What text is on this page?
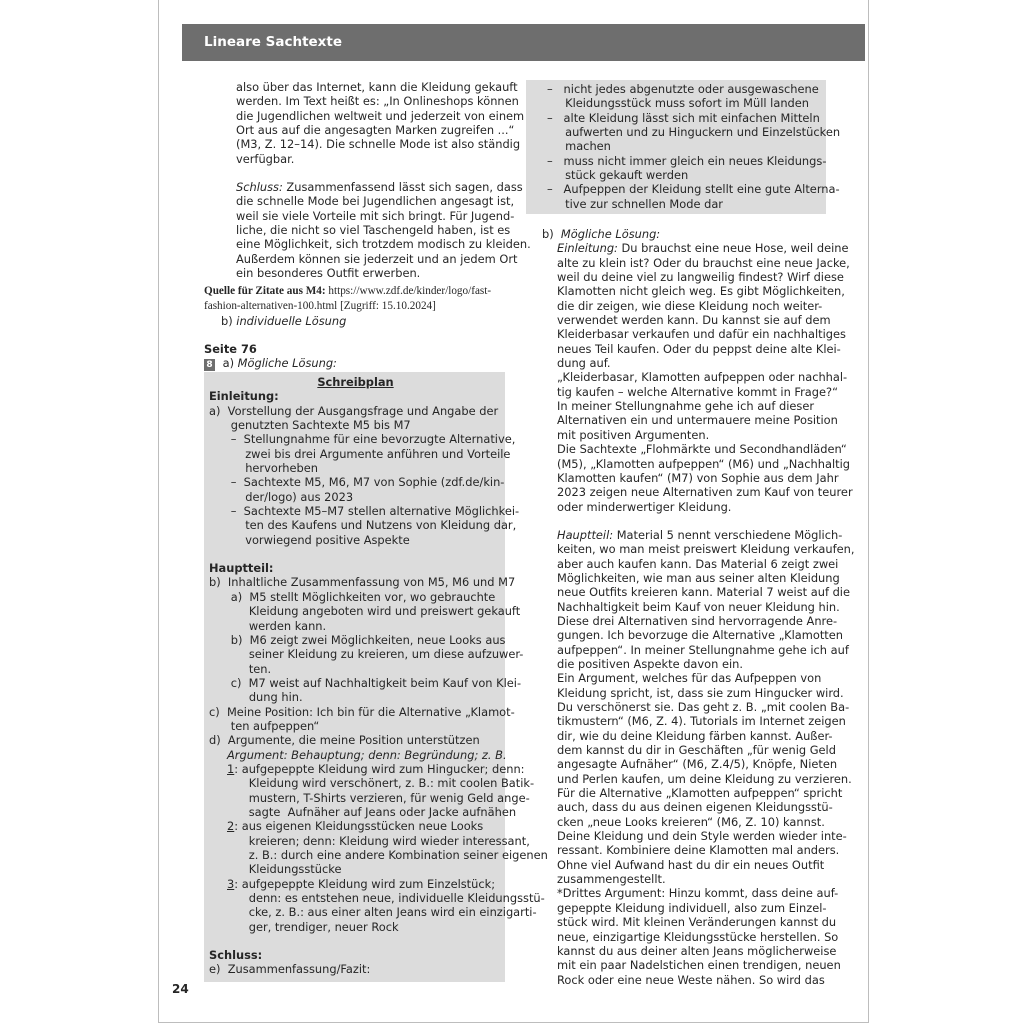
Lineare Sachtexte
also über das Internet, kann die Kleidung gekauft
werden. Im Text heißt es: „In Onlineshops können
die Jugendlichen weltweit und jederzeit von einem
Ort aus auf die angesagten Marken zugreifen ...“
(M3, Z. 12–14). Die schnelle Mode ist also ständig
verfügbar.
Schluss: Zusammenfassend lässt sich sagen, dass
die schnelle Mode bei Jugendlichen angesagt ist,
weil sie viele Vorteile mit sich bringt. Für Jugend-
liche, die nicht so viel Taschengeld haben, ist es
eine Möglichkeit, sich trotzdem modisch zu kleiden.
Außerdem können sie jederzeit und an jedem Ort
ein besonderes Outfit erwerben.
Quelle für Zitate aus M4: https://www.zdf.de/kinder/logo/fast-
fashion-alternativen-100.html [Zugriff: 15.10.2024]
b) individuelle Lösung
Seite 76
8 a) Mögliche Lösung:
Schreibplan
Einleitung:
a)  Vorstellung der Ausgangsfrage und Angabe der
genutzten Sachtexte M5 bis M7
–  Stellungnahme für eine bevorzugte Alternative,
zwei bis drei Argumente anführen und Vorteile
hervorheben
–  Sachtexte M5, M6, M7 von Sophie (zdf.de/kin-
der/logo) aus 2023
–  Sachtexte M5–M7 stellen alternative Möglichkei-
ten des Kaufens und Nutzens von Kleidung dar,
vorwiegend positive Aspekte
Hauptteil:
b)  Inhaltliche Zusammenfassung von M5, M6 und M7
a)  M5 stellt Möglichkeiten vor, wo gebrauchte
Kleidung angeboten wird und preiswert gekauft
werden kann.
b)  M6 zeigt zwei Möglichkeiten, neue Looks aus
seiner Kleidung zu kreieren, um diese aufzuwer-
ten.
c)  M7 weist auf Nachhaltigkeit beim Kauf von Klei-
dung hin.
c)  Meine Position: Ich bin für die Alternative „Klamot-
ten aufpeppen“
d)  Argumente, die meine Position unterstützen
Argument: Behauptung; denn: Begründung; z. B.
1: aufgepeppte Kleidung wird zum Hingucker; denn:
Kleidung wird verschönert, z. B.: mit coolen Batik-
mustern, T-Shirts verzieren, für wenig Geld ange-
sagte  Aufnäher auf Jeans oder Jacke aufnähen
2: aus eigenen Kleidungsstücken neue Looks
kreieren; denn: Kleidung wird wieder interessant,
z. B.: durch eine andere Kombination seiner eigenen
Kleidungsstücke
3: aufgepeppte Kleidung wird zum Einzelstück;
denn: es entstehen neue, individuelle Kleidungsstü-
cke, z. B.: aus einer alten Jeans wird ein einzigarti-
ger, trendiger, neuer Rock
Schluss:
e)  Zusammenfassung/Fazit:
–   nicht jedes abgenutzte oder ausgewaschene
Kleidungsstück muss sofort im Müll landen
–   alte Kleidung lässt sich mit einfachen Mitteln
aufwerten und zu Hinguckern und Einzelstücken
machen
–   muss nicht immer gleich ein neues Kleidungs-
stück gekauft werden
–   Aufpeppen der Kleidung stellt eine gute Alterna-
tive zur schnellen Mode dar
b)  Mögliche Lösung:
Einleitung: Du brauchst eine neue Hose, weil deine
alte zu klein ist? Oder du brauchst eine neue Jacke,
weil du deine viel zu langweilig findest? Wirf diese
Klamotten nicht gleich weg. Es gibt Möglichkeiten,
die dir zeigen, wie diese Kleidung noch weiter-
verwendet werden kann. Du kannst sie auf dem
Kleiderbasar verkaufen und dafür ein nachhaltiges
neues Teil kaufen. Oder du peppst deine alte Klei-
dung auf.
„Kleiderbasar, Klamotten aufpeppen oder nachhal-
tig kaufen – welche Alternative kommt in Frage?“
In meiner Stellungnahme gehe ich auf dieser
Alternativen ein und untermauere meine Position
mit positiven Argumenten.
Die Sachtexte „Flohmärkte und Secondhandläden“
(M5), „Klamotten aufpeppen“ (M6) und „Nachhaltig
Klamotten kaufen“ (M7) von Sophie aus dem Jahr
2023 zeigen neue Alternativen zum Kauf von teurer
oder minderwertiger Kleidung.
Hauptteil: Material 5 nennt verschiedene Möglich-
keiten, wo man meist preiswert Kleidung verkaufen,
aber auch kaufen kann. Das Material 6 zeigt zwei
Möglichkeiten, wie man aus seiner alten Kleidung
neue Outfits kreieren kann. Material 7 weist auf die
Nachhaltigkeit beim Kauf von neuer Kleidung hin.
Diese drei Alternativen sind hervorragende Anre-
gungen. Ich bevorzuge die Alternative „Klamotten
aufpeppen“. In meiner Stellungnahme gehe ich auf
die positiven Aspekte davon ein.
Ein Argument, welches für das Aufpeppen von
Kleidung spricht, ist, dass sie zum Hingucker wird.
Du verschönerst sie. Das geht z. B. „mit coolen Ba-
tikmustern“ (M6, Z. 4). Tutorials im Internet zeigen
dir, wie du deine Kleidung färben kannst. Außer-
dem kannst du dir in Geschäften „für wenig Geld
angesagte Aufnäher“ (M6, Z.4/5), Knöpfe, Nieten
und Perlen kaufen, um deine Kleidung zu verzieren.
Für die Alternative „Klamotten aufpeppen“ spricht
auch, dass du aus deinen eigenen Kleidungsstü-
cken „neue Looks kreieren“ (M6, Z. 10) kannst.
Deine Kleidung und dein Style werden wieder inte-
ressant. Kombiniere deine Klamotten mal anders.
Ohne viel Aufwand hast du dir ein neues Outfit
zusammengestellt.
*Drittes Argument: Hinzu kommt, dass deine auf-
gepeppte Kleidung individuell, also zum Einzel-
stück wird. Mit kleinen Veränderungen kannst du
neue, einzigartige Kleidungsstücke herstellen. So
kannst du aus deiner alten Jeans möglicherweise
mit ein paar Nadelstichen einen trendigen, neuen
Rock oder eine neue Weste nähen. So wird das
24
